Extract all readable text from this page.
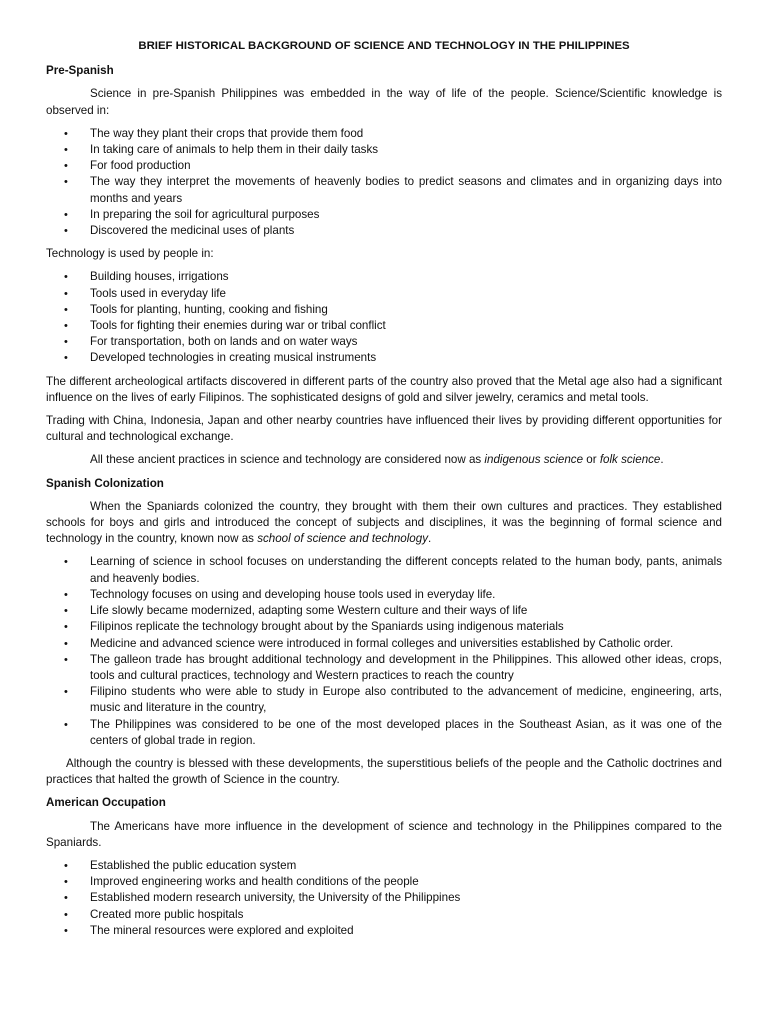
BRIEF HISTORICAL BACKGROUND OF SCIENCE AND TECHNOLOGY IN THE PHILIPPINES
Pre-Spanish

Science in pre-Spanish Philippines was embedded in the way of life of the people. Science/Scientific knowledge is observed in:

• The way they plant their crops that provide them food
• In taking care of animals to help them in their daily tasks
• For food production
• The way they interpret the movements of heavenly bodies to predict seasons and climates and in organizing days into months and years
• In preparing the soil for agricultural purposes
• Discovered the medicinal uses of plants

Technology is used by people in:

• Building houses, irrigations
• Tools used in everyday life
• Tools for planting, hunting, cooking and fishing
• Tools for fighting their enemies during war or tribal conflict
• For transportation, both on lands and on water ways
• Developed technologies in creating musical instruments

The different archeological artifacts discovered in different parts of the country also proved that the Metal age also had a significant influence on the lives of early Filipinos. The sophisticated designs of gold and silver jewelry, ceramics and metal tools.

Trading with China, Indonesia, Japan and other nearby countries have influenced their lives by providing different opportunities for cultural and technological exchange.

All these ancient practices in science and technology are considered now as indigenous science or folk science.

Spanish Colonization

When the Spaniards colonized the country, they brought with them their own cultures and practices. They established schools for boys and girls and introduced the concept of subjects and disciplines, it was the beginning of formal science and technology in the country, known now as school of science and technology.

• Learning of science in school focuses on understanding the different concepts related to the human body, pants, animals and heavenly bodies.
• Technology focuses on using and developing house tools used in everyday life.
• Life slowly became modernized, adapting some Western culture and their ways of life
• Filipinos replicate the technology brought about by the Spaniards using indigenous materials
• Medicine and advanced science were introduced in formal colleges and universities established by Catholic order.
• The galleon trade has brought additional technology and development in the Philippines. This allowed other ideas, crops, tools and cultural practices, technology and Western practices to reach the country
• Filipino students who were able to study in Europe also contributed to the advancement of medicine, engineering, arts, music and literature in the country,
• The Philippines was considered to be one of the most developed places in the Southeast Asian, as it was one of the centers of global trade in region.

Although the country is blessed with these developments, the superstitious beliefs of the people and the Catholic doctrines and practices that halted the growth of Science in the country.

American Occupation

The Americans have more influence in the development of science and technology in the Philippines compared to the Spaniards.

• Established the public education system
• Improved engineering works and health conditions of the people
• Established modern research university, the University of the Philippines
• Created more public hospitals
• The mineral resources were explored and exploited
